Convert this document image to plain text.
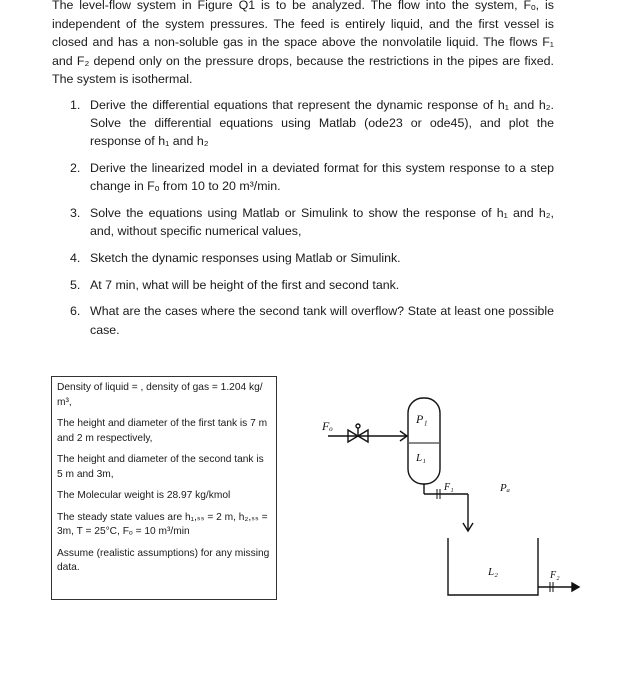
The level-flow system in Figure Q1 is to be analyzed. The flow into the system, Fₒ, is independent of the system pressures. The feed is entirely liquid, and the first vessel is closed and has a non-soluble gas in the space above the nonvolatile liquid. The flows F₁ and F₂ depend only on the pressure drops, because the restrictions in the pipes are fixed. The system is isothermal.

1. Derive the differential equations that represent the dynamic response of h₁ and h₂. Solve the differential equations using Matlab (ode23 or ode45), and plot the response of h₁ and h₂
2. Derive the linearized model in a deviated format for this system response to a step change in Fₒ from 10 to 20 m³/min.
3. Solve the equations using Matlab or Simulink to show the response of h₁ and h₂, and, without specific numerical values,
4. Sketch the dynamic responses using Matlab or Simulink.
5. At 7 min, what will be height of the first and second tank.
6. What are the cases where the second tank will overflow? State at least one possible case.

Density of liquid = , density of gas = 1.204 kg/ m³,

The height and diameter of the first tank is 7 m and 2 m respectively,

The height and diameter of the second tank is 5 m and 3m,

The Molecular weight is 28.97 kg/kmol

The steady state values are h₁,ₛₛ = 2 m, h₂,ₛₛ = 3m, T = 25°C, Fₒ = 10 m³/min

Assume (realistic assumptions) for any missing data.

Fₒ	P₁
L₁
F₁	Pₐ
L₂	F₂
